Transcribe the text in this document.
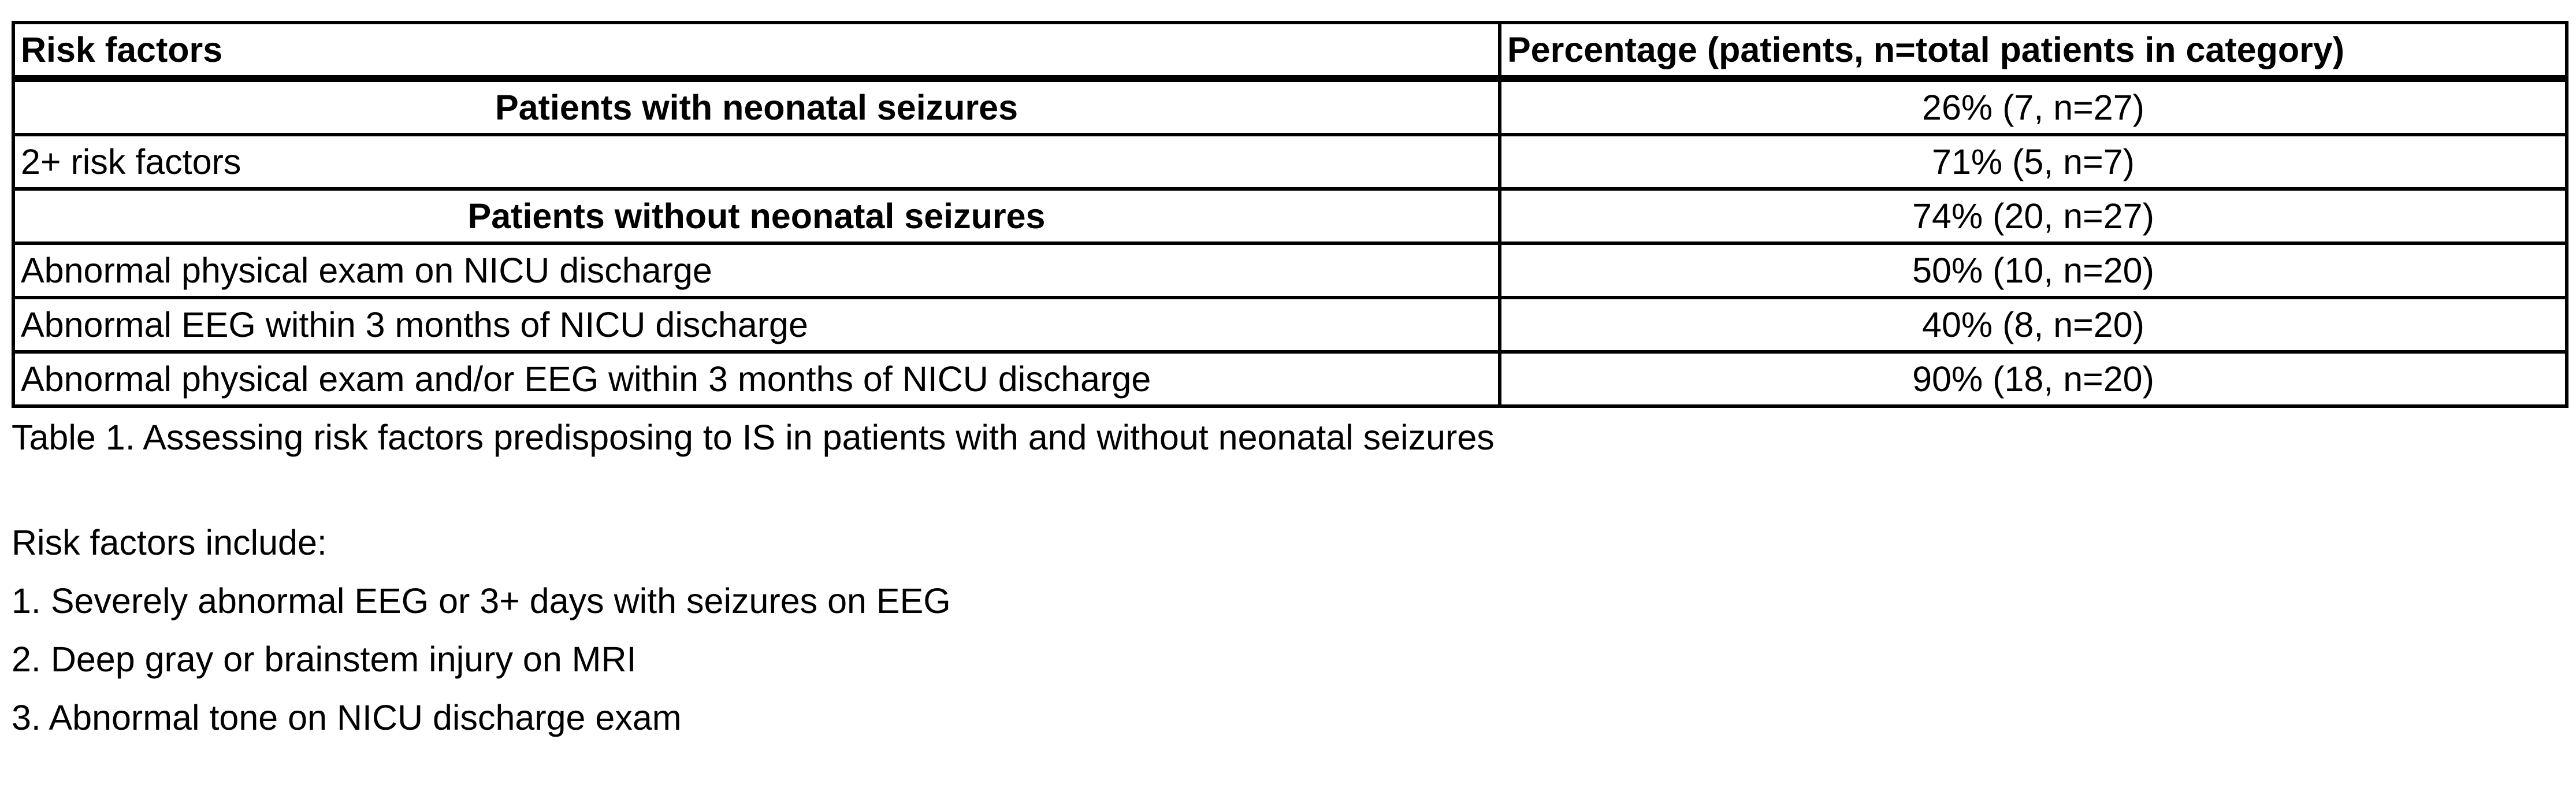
Risk factors	Percentage (patients, n=total patients in category)
Patients with neonatal seizures	26% (7, n=27)
2+ risk factors	71% (5, n=7)
Patients without neonatal seizures	74% (20, n=27)
Abnormal physical exam on NICU discharge	50% (10, n=20)
Abnormal EEG within 3 months of NICU discharge	40% (8, n=20)
Abnormal physical exam and/or EEG within 3 months of NICU discharge	90% (18, n=20)
Table 1. Assessing risk factors predisposing to IS in patients with and without neonatal seizures
Risk factors include:
1. Severely abnormal EEG or 3+ days with seizures on EEG
2. Deep gray or brainstem injury on MRI
3. Abnormal tone on NICU discharge exam
